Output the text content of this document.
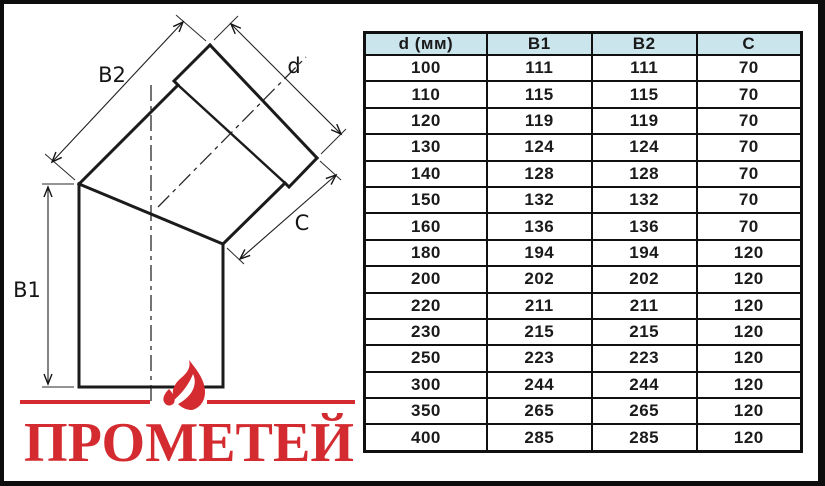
B2	d
C
B1
ПРОМЕТЕЙ
d (мм)	B1	B2	C
100	111	111	70
110	115	115	70
120	119	119	70
130	124	124	70
140	128	128	70
150	132	132	70
160	136	136	70
180	194	194	120
200	202	202	120
220	211	211	120
230	215	215	120
250	223	223	120
300	244	244	120
350	265	265	120
400	285	285	120
